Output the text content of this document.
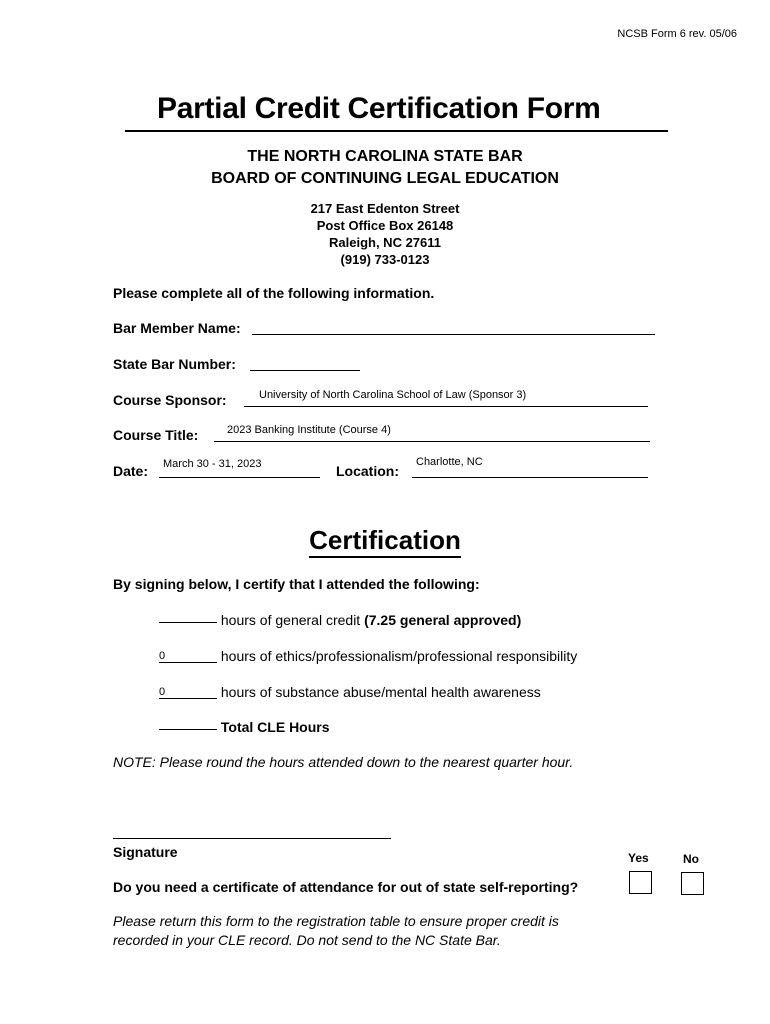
NCSB Form 6 rev. 05/06
Partial Credit Certification Form
THE NORTH CAROLINA STATE BAR
BOARD OF CONTINUING LEGAL EDUCATION
217 East Edenton Street
Post Office Box 26148
Raleigh, NC 27611
(919) 733-0123
Please complete all of the following information.
Bar Member Name:
State Bar Number:
Course Sponsor:	University of North Carolina School of Law (Sponsor 3)
Course Title:	2023 Banking Institute (Course 4)
Date: March 30 - 31, 2023	Location:
Charlotte, NC
Certification
By signing below, I certify that I attended the following:
hours of general credit (7.25 general approved)
0	hours of ethics/professionalism/professional responsibility
0	hours of substance abuse/mental health awareness
Total CLE Hours
NOTE: Please round the hours attended down to the nearest quarter hour.
Signature	Yes	No
Do you need a certificate of attendance for out of state self-reporting?
Please return this form to the registration table to ensure proper credit is
recorded in your CLE record. Do not send to the NC State Bar.
